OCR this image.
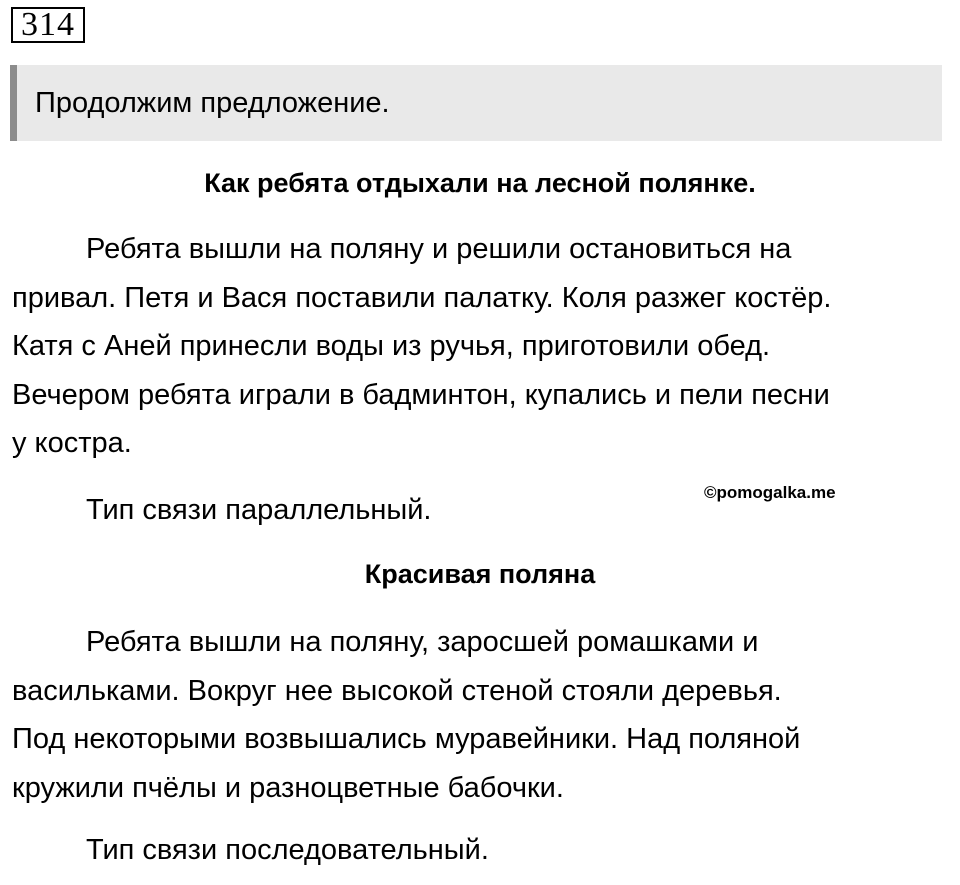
314
Продолжим предложение.
Как ребята отдыхали на лесной полянке.
Ребята вышли на поляну и решили остановиться на
привал. Петя и Вася поставили палатку. Коля разжег костёр.
Катя с Аней принесли воды из ручья, приготовили обед.
Вечером ребята играли в бадминтон, купались и пели песни
у костра.
Тип связи параллельный.
©pomogalka.me
Красивая поляна
Ребята вышли на поляну, заросшей ромашками и
васильками. Вокруг нее высокой стеной стояли деревья.
Под некоторыми возвышались муравейники. Над поляной
кружили пчёлы и разноцветные бабочки.
Тип связи последовательный.
